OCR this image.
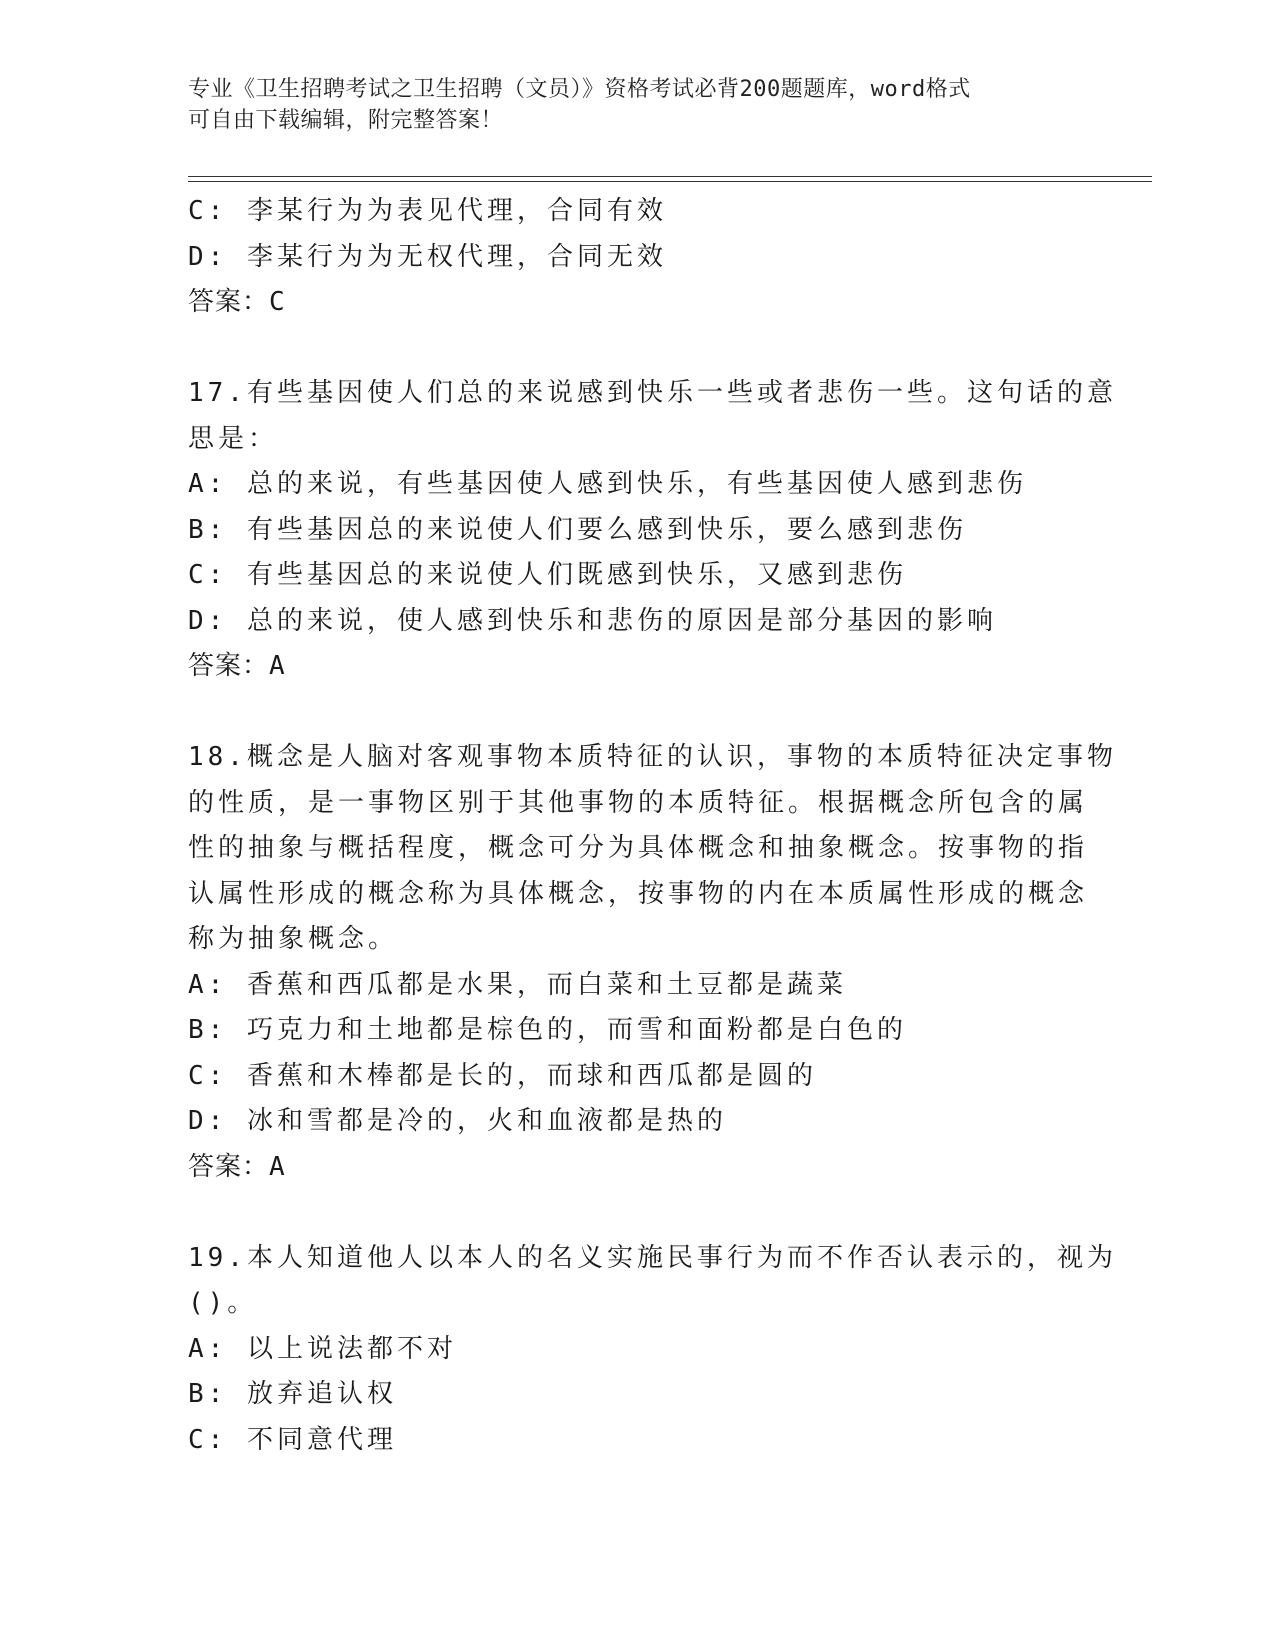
专业《卫生招聘考试之卫生招聘（文员）》资格考试必背200题题库，word格式
可自由下载编辑，附完整答案！
C: 李某行为为表见代理，合同有效
D: 李某行为为无权代理，合同无效
答案：C
17.有些基因使人们总的来说感到快乐一些或者悲伤一些。这句话的意
思是：
A: 总的来说，有些基因使人感到快乐，有些基因使人感到悲伤
B: 有些基因总的来说使人们要么感到快乐，要么感到悲伤
C: 有些基因总的来说使人们既感到快乐，又感到悲伤
D: 总的来说，使人感到快乐和悲伤的原因是部分基因的影响
答案：A
18.概念是人脑对客观事物本质特征的认识，事物的本质特征决定事物
的性质，是一事物区别于其他事物的本质特征。根据概念所包含的属
性的抽象与概括程度，概念可分为具体概念和抽象概念。按事物的指
认属性形成的概念称为具体概念，按事物的内在本质属性形成的概念
称为抽象概念。
A: 香蕉和西瓜都是水果，而白菜和土豆都是蔬菜
B: 巧克力和土地都是棕色的，而雪和面粉都是白色的
C: 香蕉和木棒都是长的，而球和西瓜都是圆的
D: 冰和雪都是冷的，火和血液都是热的
答案：A
19.本人知道他人以本人的名义实施民事行为而不作否认表示的，视为
()。
A: 以上说法都不对
B: 放弃追认权
C: 不同意代理
